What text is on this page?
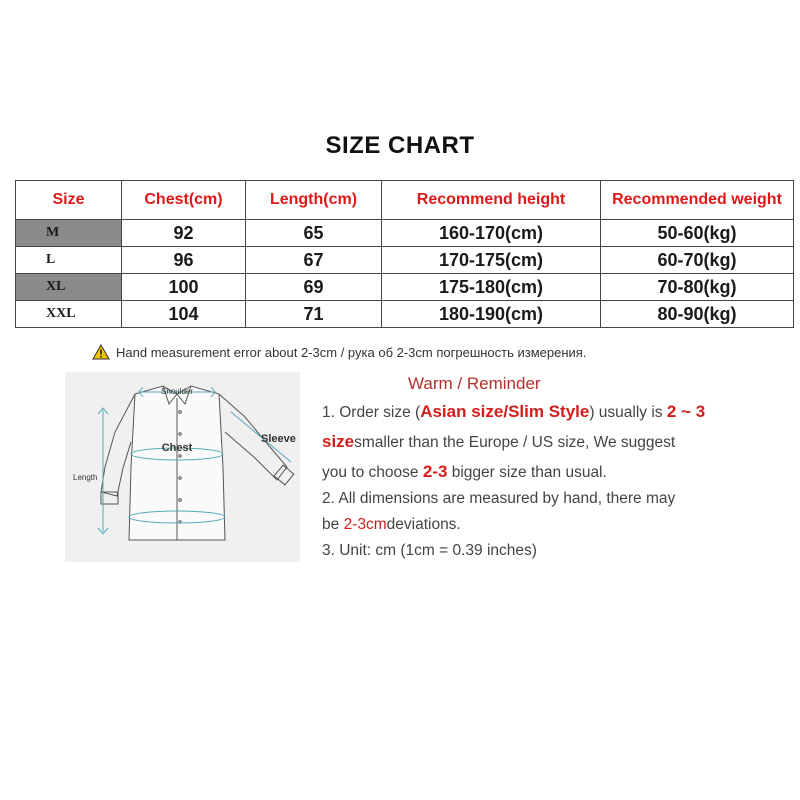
SIZE CHART
Size	Chest(cm)	Length(cm)	Recommend height	Recommended weight
M	92	65	160-170(cm)	50-60(kg)
L	96	67	170-175(cm)	60-70(kg)
XL	100	69	175-180(cm)	70-80(kg)
XXL	104	71	180-190(cm)	80-90(kg)
Hand measurement error about 2-3cm / рука об 2-3cm погрешность измерения.
Shoulder
Chest
Sleeve
Length
Warm / Reminder
1. Order size (Asian size/Slim Style) usually is 2 ~ 3
sizesmaller than the Europe / US size, We suggest
you to choose 2-3 bigger size than usual.
2. All dimensions are measured by hand, there may
be 2-3cmdeviations.
3. Unit: cm (1cm = 0.39 inches)
